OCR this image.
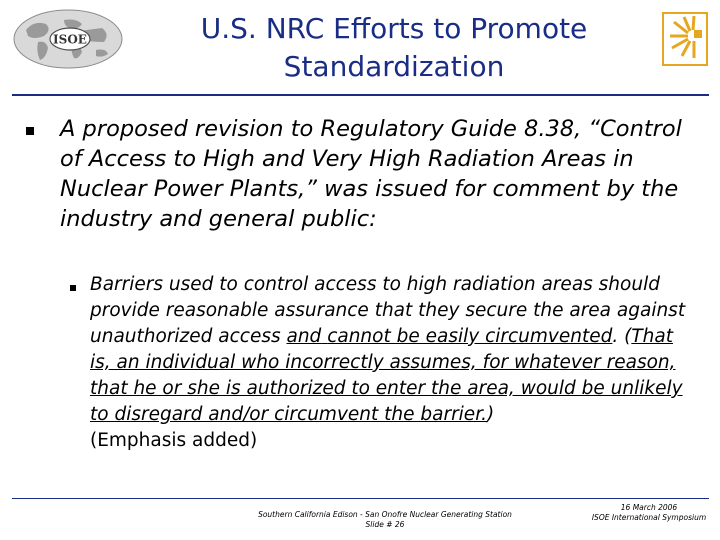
ISOE	U.S. NRC Efforts to Promote Standardization
A proposed revision to Regulatory Guide 8.38, “Control of Access to High and Very High Radiation Areas in Nuclear Power Plants,” was issued for comment by the industry and general public:
Barriers used to control access to high radiation areas should provide reasonable assurance that they secure the area against unauthorized access and cannot be easily circumvented. (That is, an individual who incorrectly assumes, for whatever reason, that he or she is authorized to enter the area, would be unlikely to disregard and/or circumvent the barrier.)
(Emphasis added)
Southern California Edison - San Onofre Nuclear Generating Station
Slide # 26
16 March 2006
ISOE International Symposium
